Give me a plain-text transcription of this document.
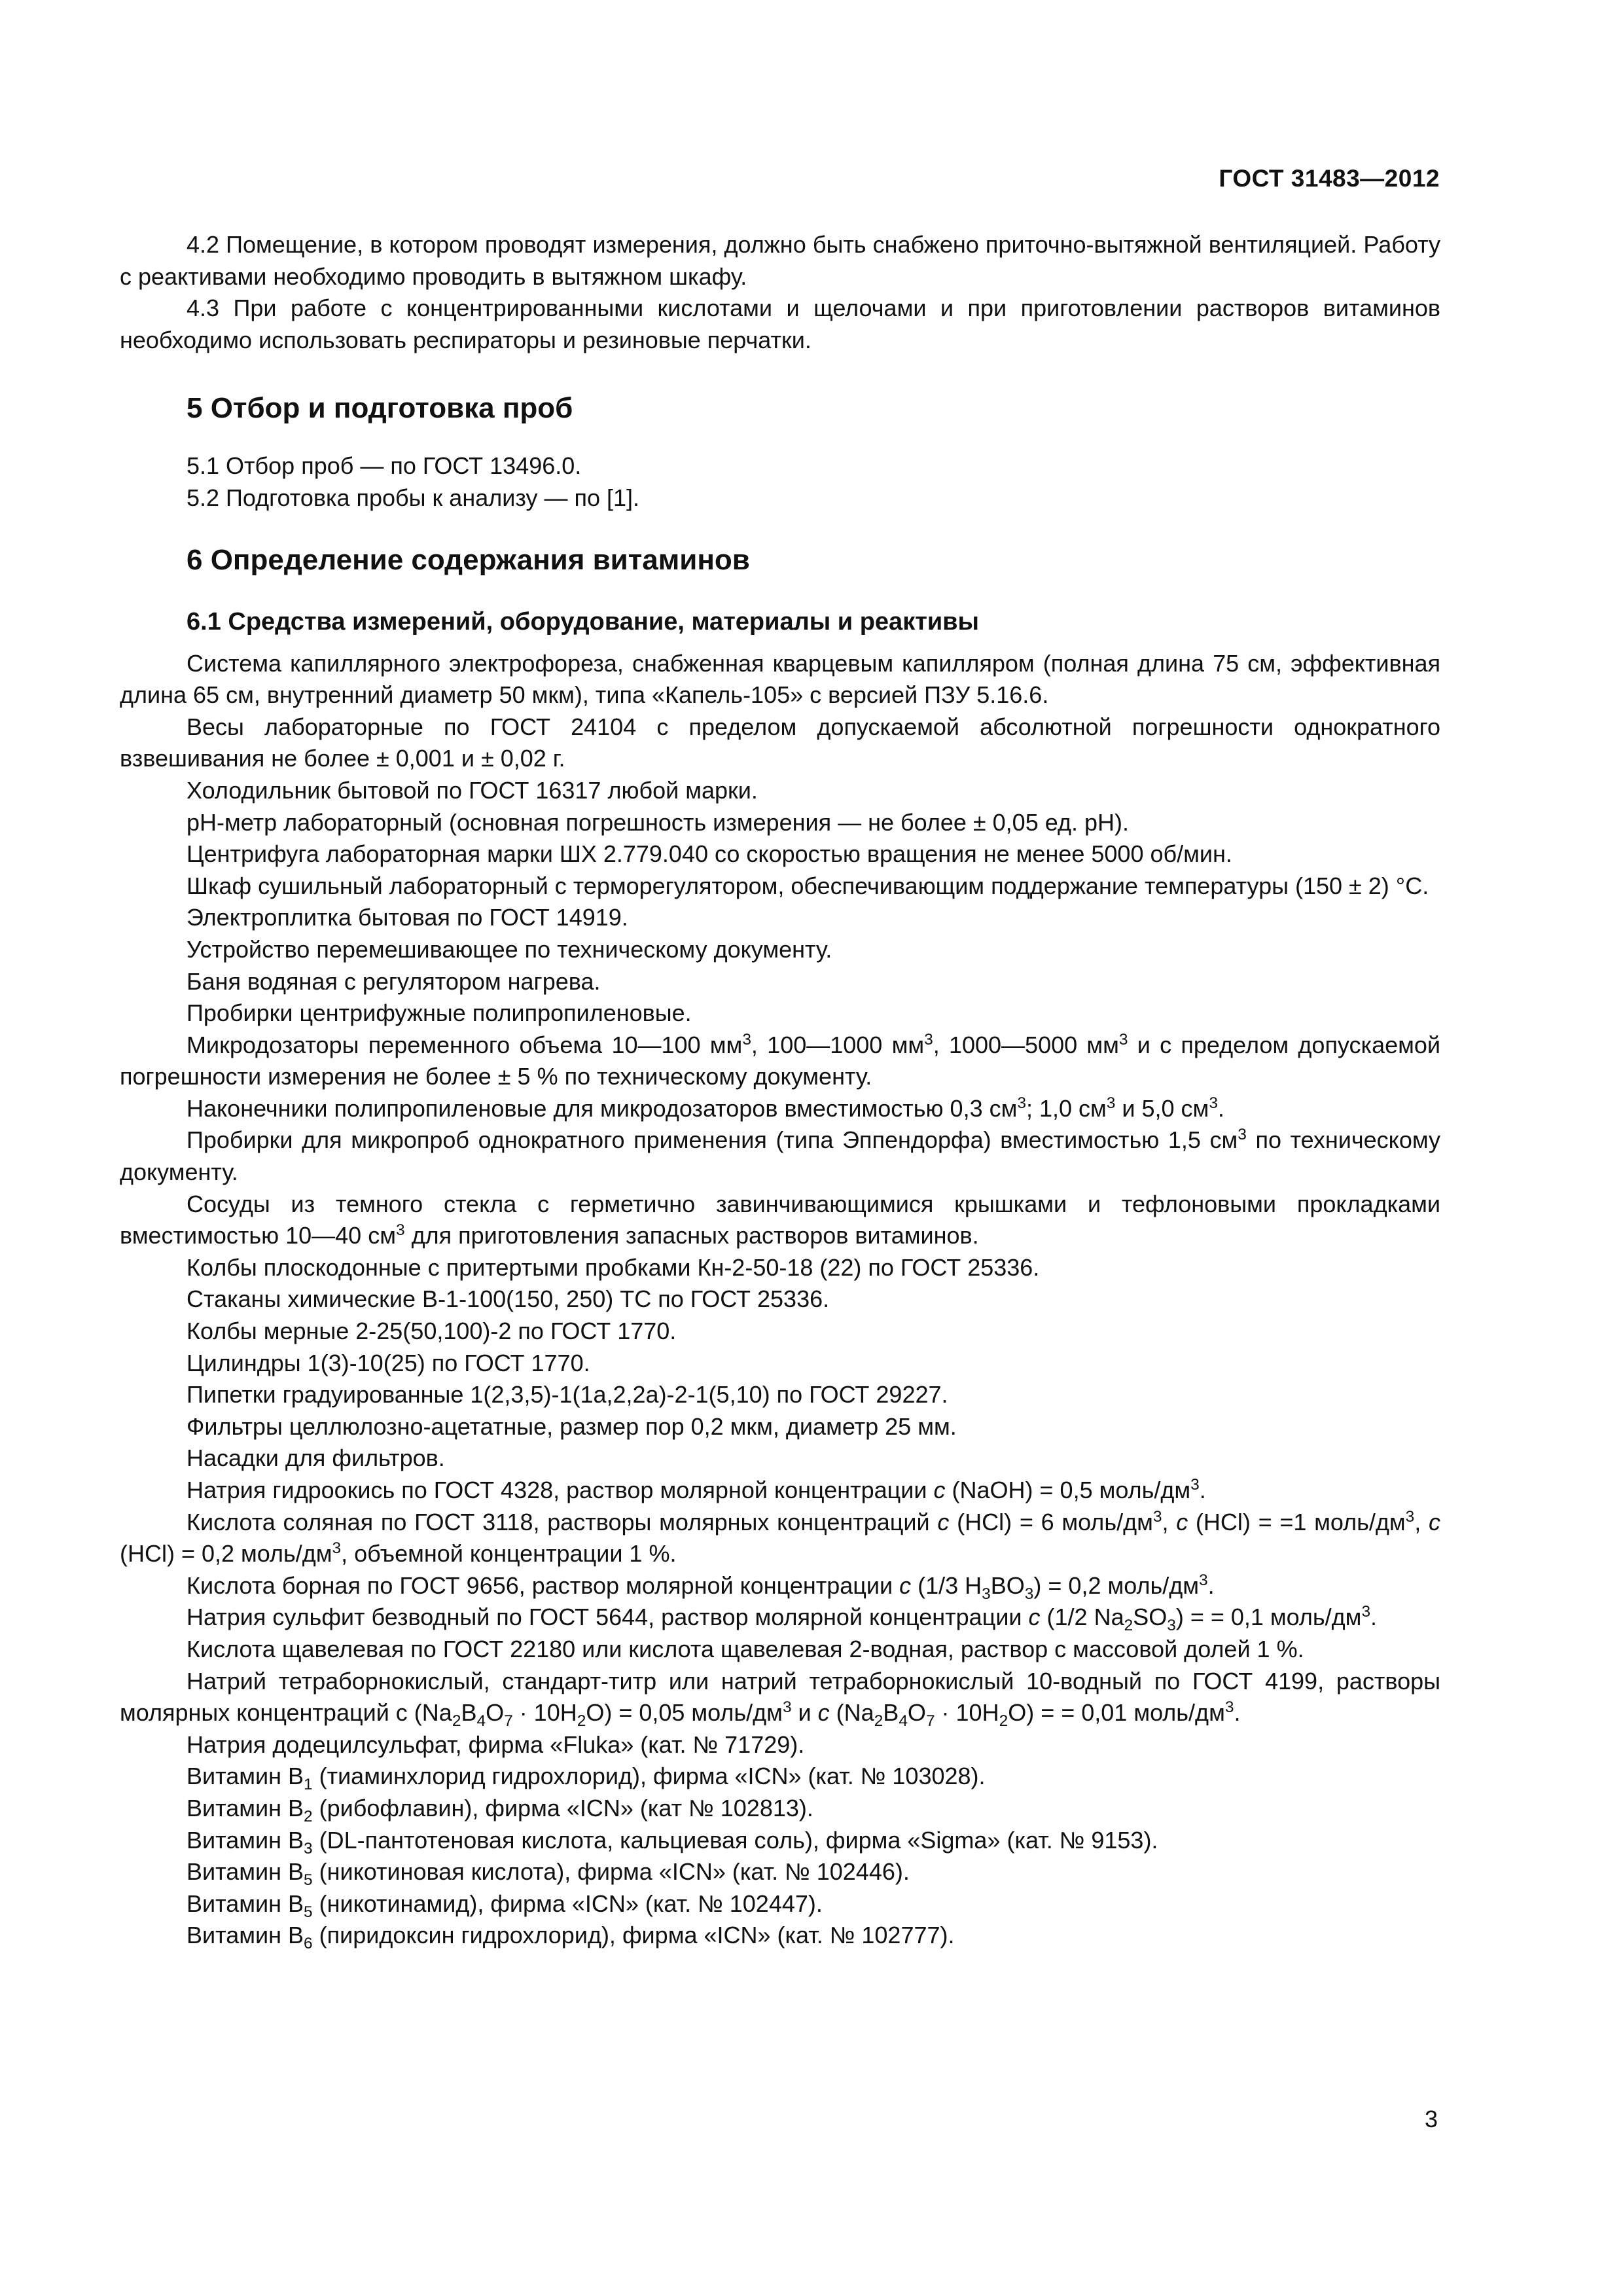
ГОСТ 31483—2012

4.2 Помещение, в котором проводят измерения, должно быть снабжено приточно-вытяжной вентиляцией. Работу с реактивами необходимо проводить в вытяжном шкафу.

4.3 При работе с концентрированными кислотами и щелочами и при приготовлении растворов витаминов необходимо использовать респираторы и резиновые перчатки.

5 Отбор и подготовка проб

5.1 Отбор проб — по ГОСТ 13496.0.

5.2 Подготовка пробы к анализу — по [1].

6 Определение содержания витаминов
6.1 Средства измерений, оборудование, материалы и реактивы

Система капиллярного электрофореза, снабженная кварцевым капилляром (полная длина 75 см, эффективная длина 65 см, внутренний диаметр 50 мкм), типа «Капель-105» с версией ПЗУ 5.16.6.

Весы лабораторные по ГОСТ 24104 с пределом допускаемой абсолютной погрешности однократного взвешивания не более ± 0,001 и ± 0,02 г.

Холодильник бытовой по ГОСТ 16317 любой марки.

рН-метр лабораторный (основная погрешность измерения — не более ± 0,05 ед. рН).

Центрифуга лабораторная марки ШХ 2.779.040 со скоростью вращения не менее 5000 об/мин.

Шкаф сушильный лабораторный с терморегулятором, обеспечивающим поддержание температуры (150 ± 2) °С.

Электроплитка бытовая по ГОСТ 14919.

Устройство перемешивающее по техническому документу.

Баня водяная с регулятором нагрева.

Пробирки центрифужные полипропиленовые.

Микродозаторы переменного объема 10—100 $мм^3$, 100—1000 $мм^3$, 1000—5000 $мм^3$ и с пределом допускаемой погрешности измерения не более ± 5 % по техническому документу.

Наконечники полипропиленовые для микродозаторов вместимостью 0,3 $см^3$; 1,0 $см^3$ и 5,0 $см^3$.

Пробирки для микропроб однократного применения (типа Эппендорфа) вместимостью 1,5 $см^3$ по техническому документу.

Сосуды из темного стекла с герметично завинчивающимися крышками и тефлоновыми прокладками вместимостью 10—40 $см^3$ для приготовления запасных растворов витаминов.

Колбы плоскодонные с притертыми пробками Кн-2-50-18 (22) по ГОСТ 25336.

Стаканы химические В-1-100(150, 250) ТС по ГОСТ 25336.

Колбы мерные 2-25(50,100)-2 по ГОСТ 1770.

Цилиндры 1(3)-10(25) по ГОСТ 1770.

Пипетки градуированные 1(2,3,5)-1(1а,2,2а)-2-1(5,10) по ГОСТ 29227.

Фильтры целлюлозно-ацетатные, размер пор 0,2 мкм, диаметр 25 мм.

Насадки для фильтров.

Натрия гидроокись по ГОСТ 4328, раствор молярной концентрации с (NaOH) = 0,5 моль/$дм^3$.

Кислота соляная по ГОСТ 3118, растворы молярных концентраций с (HCl) = 6 моль/$дм^3$, с (HCl) = =1 моль/$дм^3$, с (HCl) = 0,2 моль/$дм^3$, объемной концентрации 1 %.

Кислота борная по ГОСТ 9656, раствор молярной концентрации с (1/3 $H_3BO_3) = 0,2$ моль/$дм^3$.

Натрия сульфит безводный по ГОСТ 5644, раствор молярной концентрации с (1/2 $Na_2SO_3$) = = 0,1 моль/$дм^3$.

Кислота щавелевая по ГОСТ 22180 или кислота щавелевая 2-водная, раствор с массовой долей 1 %.

Натрий тетраборнокислый, стандарт-титр или натрий тетраборнокислый 10-водный по ГОСТ 4199, растворы молярных концентраций с $(Na_2B_4O_7 \cdot 10H_2O) = 0,05$ моль/$дм^3$ и с $(Na_2B_4O_7 \cdot 10H_2O)$ = = 0,01 моль/$дм^3$.

Натрия додецилсульфат, фирма «Fluka» (кат. № 71729).

Витамин $B_1$ (тиаминхлорид гидрохлорид), фирма «ICN» (кат. № 103028).

Витамин $B_2$ (рибофлавин), фирма «ICN» (кат № 102813).

Витамин $B_3$ (DL-пантотеновая кислота, кальциевая соль), фирма «Sigma» (кат. № 9153).

Витамин $B_5$ (никотиновая кислота), фирма «ICN» (кат. № 102446).

Витамин $B_5$ (никотинамид), фирма «ICN» (кат. № 102447).

Витамин $B_6$ (пиридоксин гидрохлорид), фирма «ICN» (кат. № 102777).

3
